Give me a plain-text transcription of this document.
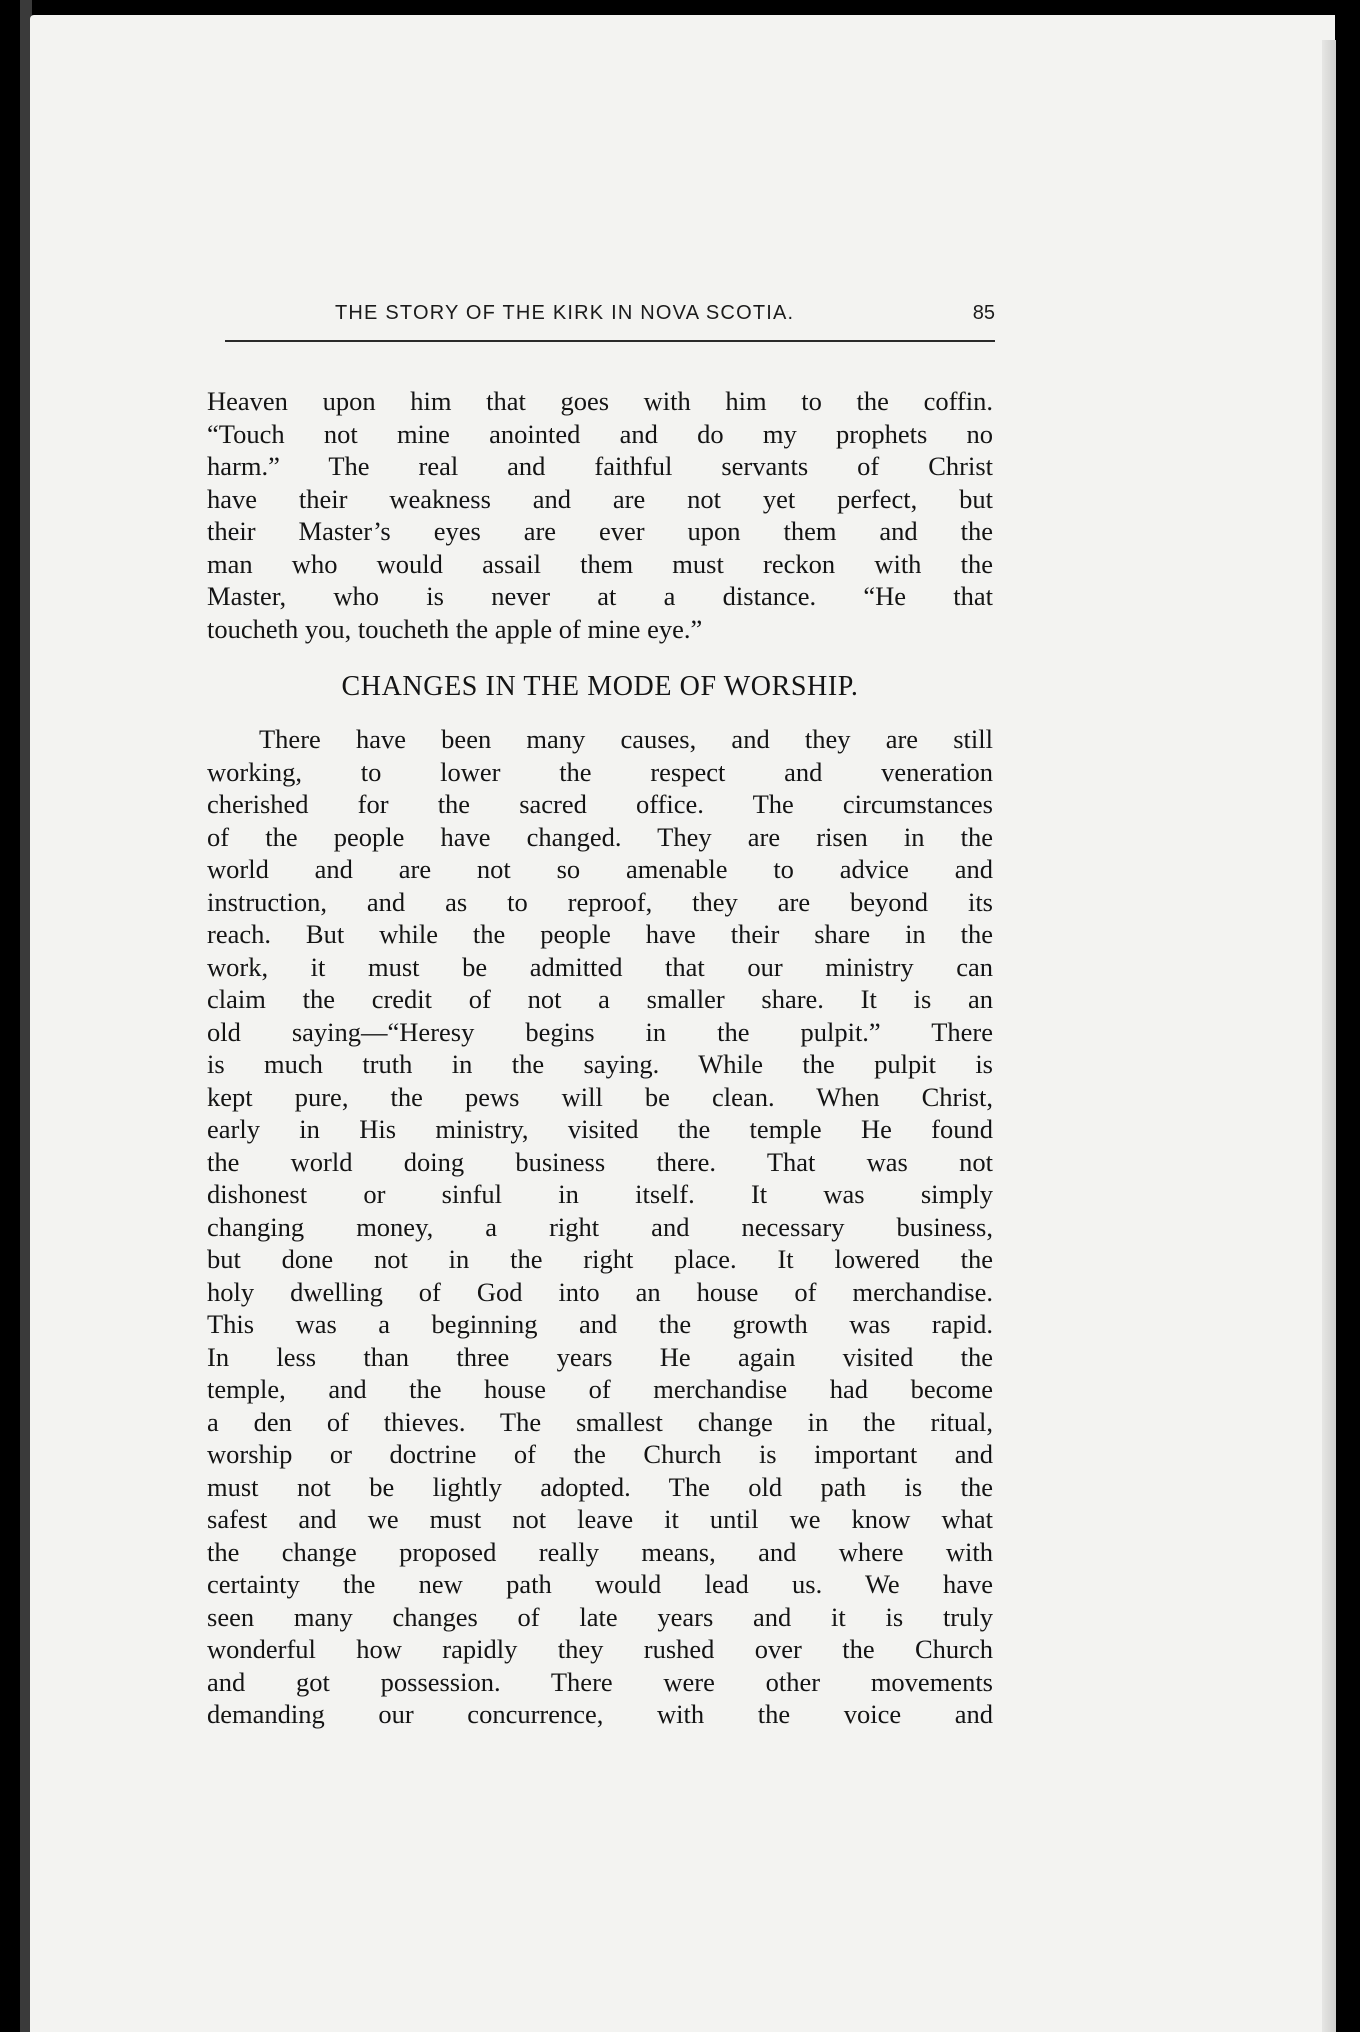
THE STORY OF THE KIRK IN NOVA SCOTIA.	85
Heaven upon him that goes with him to the coffin.
“Touch not mine anointed and do my prophets no
harm.” The real and faithful servants of Christ
have their weakness and are not yet perfect, but
their Master’s eyes are ever upon them and the
man who would assail them must reckon with the
Master, who is never at a distance. “He that
toucheth you, toucheth the apple of mine eye.”
CHANGES IN THE MODE OF WORSHIP.
There have been many causes, and they are still
working, to lower the respect and veneration
cherished for the sacred office. The circumstances
of the people have changed. They are risen in the
world and are not so amenable to advice and
instruction, and as to reproof, they are beyond its
reach. But while the people have their share in the
work, it must be admitted that our ministry can
claim the credit of not a smaller share. It is an
old saying—“Heresy begins in the pulpit.” There
is much truth in the saying. While the pulpit is
kept pure, the pews will be clean. When Christ,
early in His ministry, visited the temple He found
the world doing business there. That was not
dishonest or sinful in itself. It was simply
changing money, a right and necessary business,
but done not in the right place. It lowered the
holy dwelling of God into an house of merchandise.
This was a beginning and the growth was rapid.
In less than three years He again visited the
temple, and the house of merchandise had become
a den of thieves. The smallest change in the ritual,
worship or doctrine of the Church is important and
must not be lightly adopted. The old path is the
safest and we must not leave it until we know what
the change proposed really means, and where with
certainty the new path would lead us. We have
seen many changes of late years and it is truly
wonderful how rapidly they rushed over the Church
and got possession. There were other movements
demanding our concurrence, with the voice and
